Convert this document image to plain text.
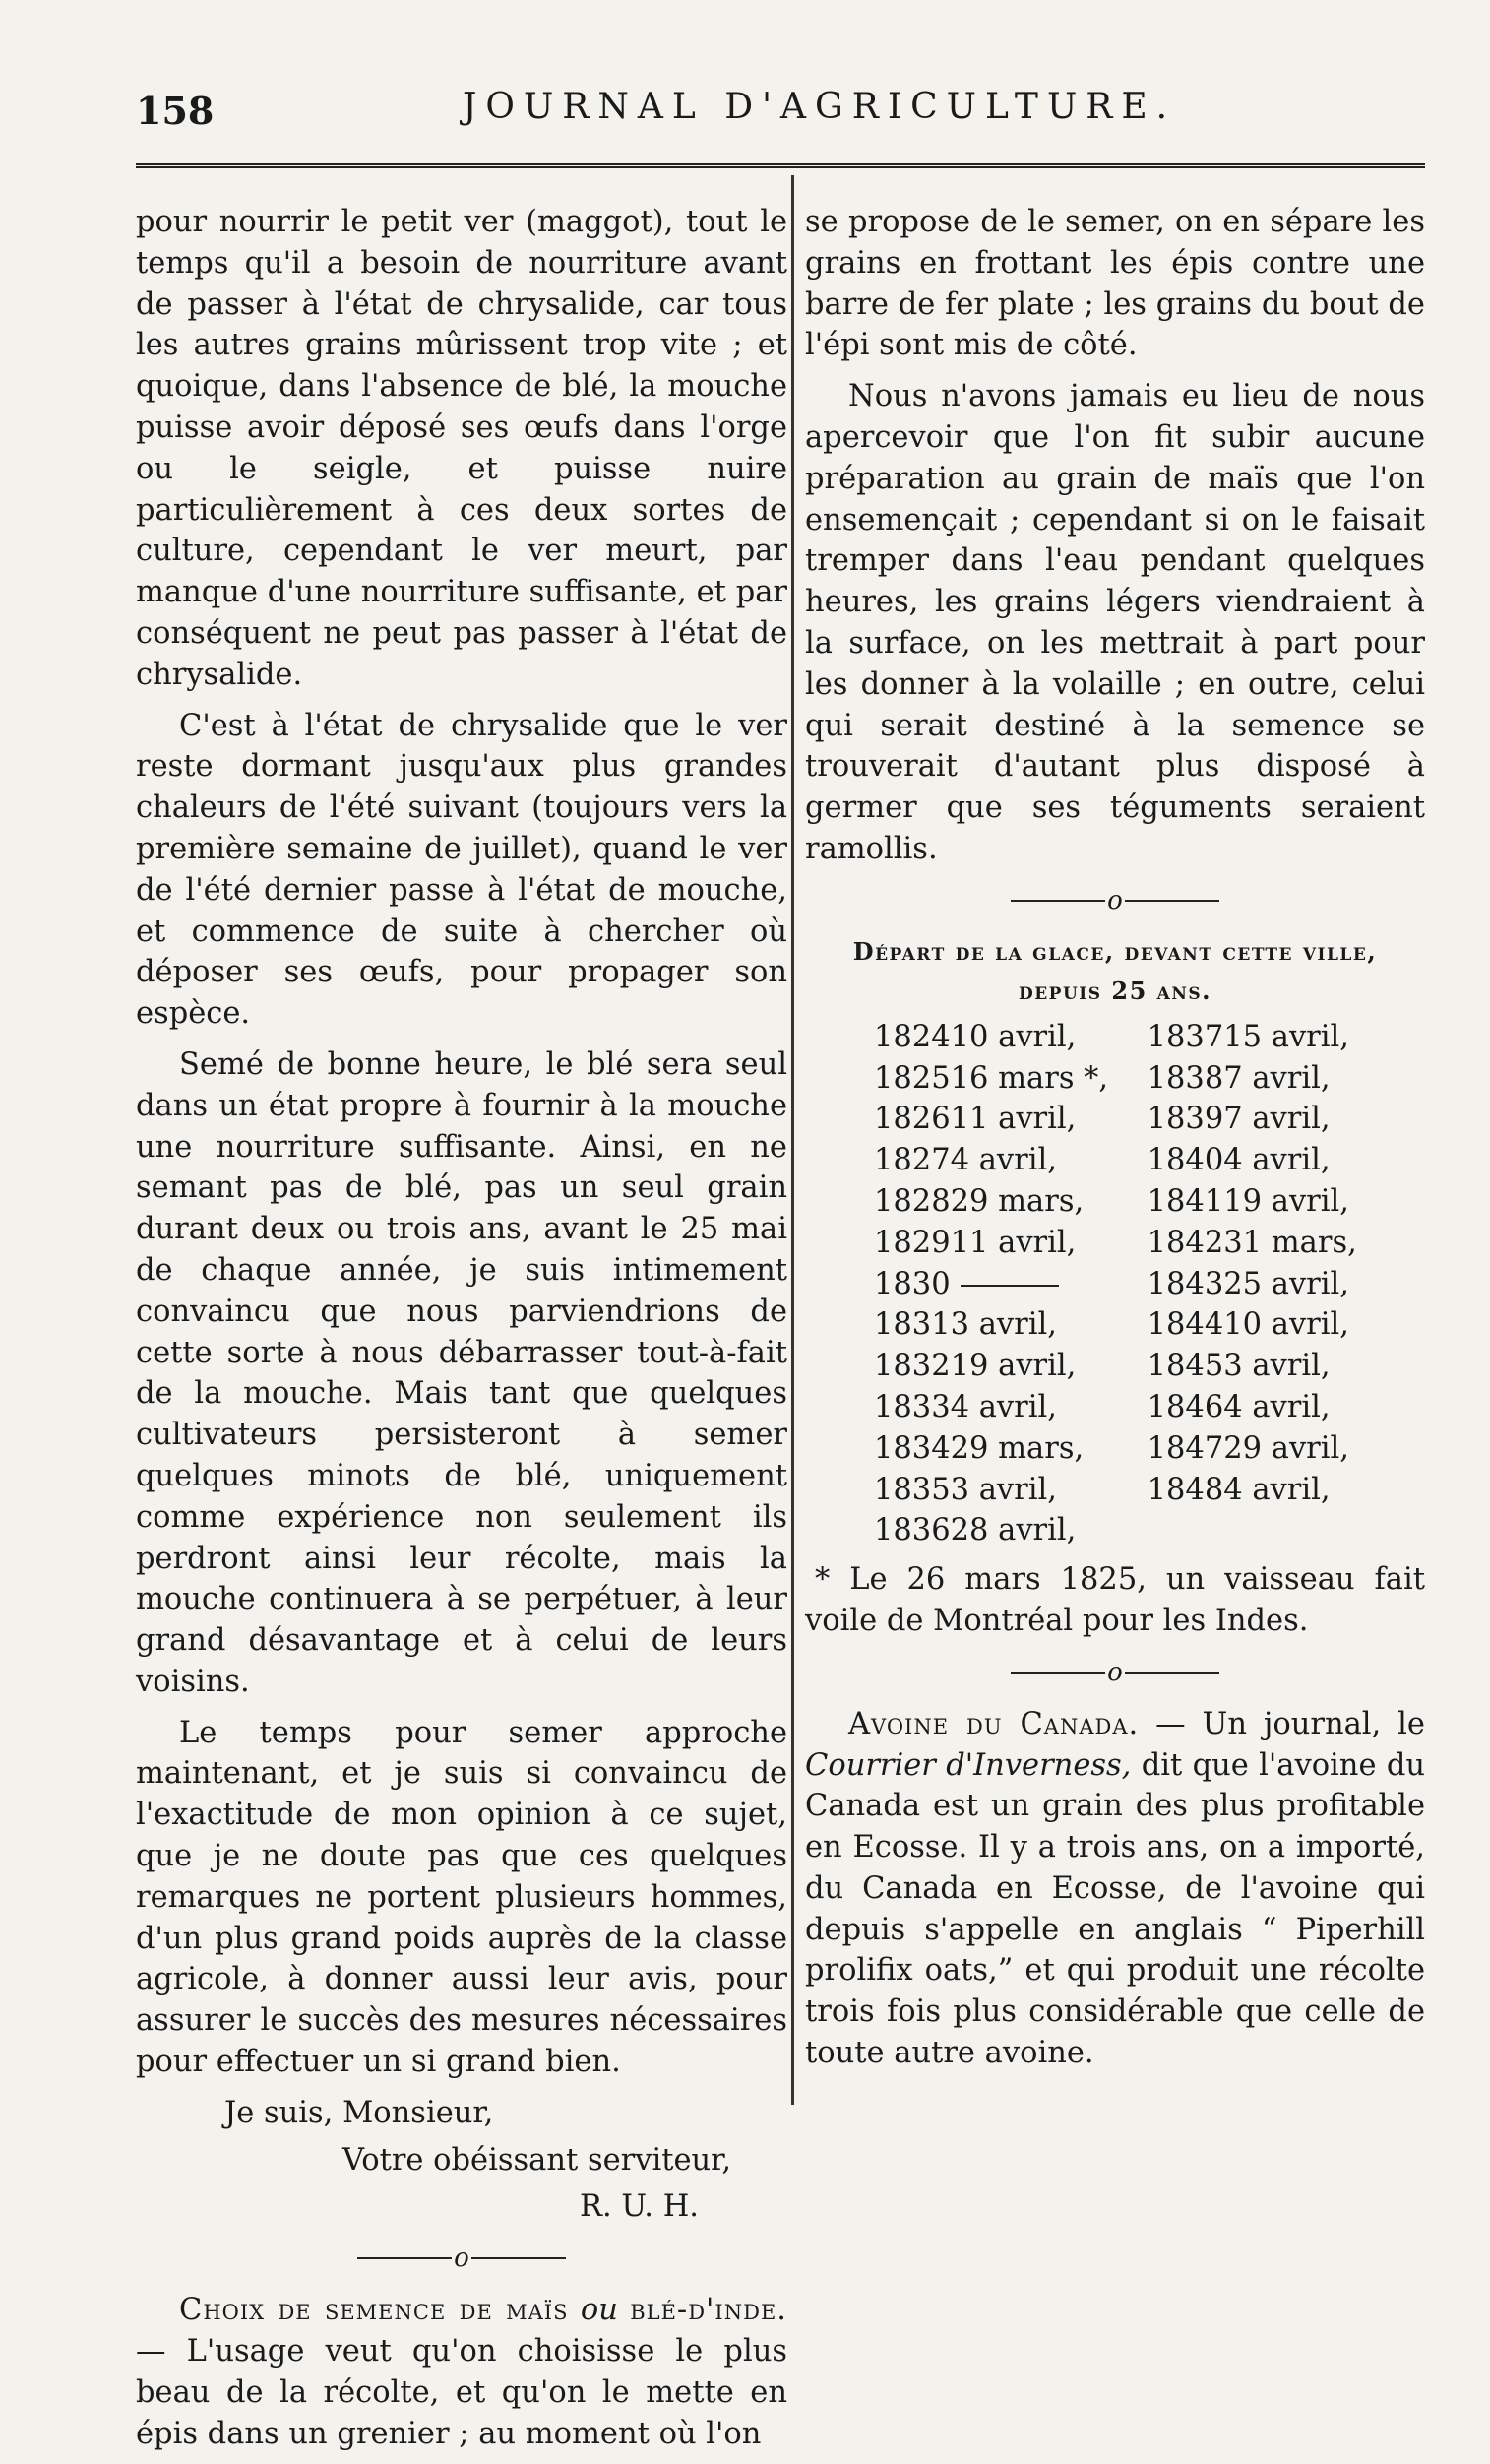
158	JOURNAL D'AGRICULTURE.

pour nourrir le petit ver (maggot), tout le temps qu'il a besoin de nourriture avant de passer à l'état de chrysalide, car tous les autres grains mûrissent trop vite ; et quoique, dans l'absence de blé, la mouche puisse avoir déposé ses œufs dans l'orge ou le seigle, et puisse nuire particulièrement à ces deux sortes de culture, cependant le ver meurt, par manque d'une nourriture suffisante, et par conséquent ne peut pas passer à l'état de chrysalide.

C'est à l'état de chrysalide que le ver reste dormant jusqu'aux plus grandes chaleurs de l'été suivant (toujours vers la première semaine de juillet), quand le ver de l'été dernier passe à l'état de mouche, et commence de suite à chercher où déposer ses œufs, pour propager son espèce.

Semé de bonne heure, le blé sera seul dans un état propre à fournir à la mouche une nourriture suffisante. Ainsi, en ne semant pas de blé, pas un seul grain durant deux ou trois ans, avant le 25 mai de chaque année, je suis intimement convaincu que nous parviendrions de cette sorte à nous débarrasser tout-à-fait de la mouche. Mais tant que quelques cultivateurs persisteront à semer quelques minots de blé, uniquement comme expérience non seulement ils perdront ainsi leur récolte, mais la mouche continuera à se perpétuer, à leur grand désavantage et à celui de leurs voisins.

Le temps pour semer approche maintenant, et je suis si convaincu de l'exactitude de mon opinion à ce sujet, que je ne doute pas que ces quelques remarques ne portent plusieurs hommes, d'un plus grand poids auprès de la classe agricole, à donner aussi leur avis, pour assurer le succès des mesures nécessaires pour effectuer un si grand bien.

Je suis, Monsieur,

Votre obéissant serviteur,

R. U. H.

o

Choix de semence de maïs ou blé-d'inde. — L'usage veut qu'on choisisse le plus beau de la récolte, et qu'on le mette en épis dans un grenier ; au moment où l'on

se propose de le semer, on en sépare les grains en frottant les épis contre une barre de fer plate ; les grains du bout de l'épi sont mis de côté.

Nous n'avons jamais eu lieu de nous apercevoir que l'on fit subir aucune préparation au grain de maïs que l'on ensemençait ; cependant si on le faisait tremper dans l'eau pendant quelques heures, les grains légers viendraient à la surface, on les mettrait à part pour les donner à la volaille ; en outre, celui qui serait destiné à la semence se trouverait d'autant plus disposé à germer que ses téguments seraient ramollis.

o

Départ de la glace, devant cette ville,

depuis 25 ans.

1824	10 avril,	1837	15 avril,
1825	16 mars *,	1838	7 avril,
1826	11 avril,	1839	7 avril,
1827	4 avril,	1840	4 avril,
1828	29 mars,	1841	19 avril,
1829	11 avril,	1842	31 mars,
1830		1843	25 avril,
1831	3 avril,	1844	10 avril,
1832	19 avril,	1845	3 avril,
1833	4 avril,	1846	4 avril,
1834	29 mars,	1847	29 avril,
1835	3 avril,	1848	4 avril,
1836	28 avril,		

* Le 26 mars 1825, un vaisseau fait voile de Montréal pour les Indes.

o

Avoine du Canada. — Un journal, le Courrier d'Inverness, dit que l'avoine du Canada est un grain des plus profitable en Ecosse. Il y a trois ans, on a importé, du Canada en Ecosse, de l'avoine qui depuis s'appelle en anglais “ Piperhill prolifix oats,” et qui produit une récolte trois fois plus considérable que celle de toute autre avoine.
